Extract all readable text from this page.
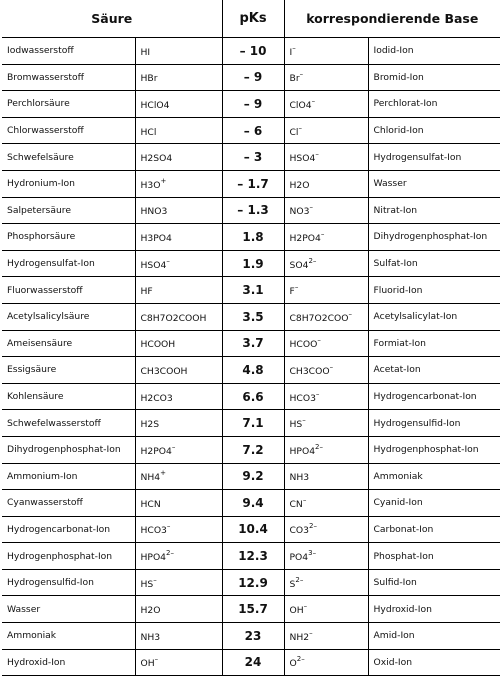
Säure		pKs	korrespondierende Base	
Iodwasserstoff	HI	– 10	I–	Iodid-Ion
Bromwasserstoff	HBr	– 9	Br–	Bromid-Ion
Perchlorsäure	HClO4	– 9	ClO4–	Perchlorat-Ion
Chlorwasserstoff	HCl	– 6	Cl–	Chlorid-Ion
Schwefelsäure	H2SO4	– 3	HSO4–	Hydrogensulfat-Ion
Hydronium-Ion	H3O+	– 1.7	H2O	Wasser
Salpetersäure	HNO3	– 1.3	NO3–	Nitrat-Ion
Phosphorsäure	H3PO4	1.8	H2PO4–	Dihydrogenphosphat-Ion
Hydrogensulfat-Ion	HSO4–	1.9	$SO4^{2-}$	Sulfat-Ion
Fluorwasserstoff	HF	3.1	F–	Fluorid-Ion
Acetylsalicylsäure	C8H7O2COOH	3.5	C8H7O2COO–	Acetylsalicylat-Ion
Ameisensäure	HCOOH	3.7	HCOO–	Formiat-Ion
Essigsäure	CH3COOH	4.8	CH3COO–	Acetat-Ion
Kohlensäure	H2CO3	6.6	HCO3–	Hydrogencarbonat-Ion
Schwefelwasserstoff	H2S	7.1	HS–	Hydrogensulfid-Ion
Dihydrogenphosphat-Ion	H2PO4–	7.2	$HPO4^{2-}$	Hydrogenphosphat-Ion
Ammonium-Ion	NH4+	9.2	NH3	Ammoniak
Cyanwasserstoff	HCN	9.4	CN–	Cyanid-Ion
Hydrogencarbonat-Ion	HCO3–	10.4	$CO3^{2-}$	Carbonat-Ion
Hydrogenphosphat-Ion	$HPO4^{2-}$	12.3	$PO4^{3-}$	Phosphat-Ion
Hydrogensulfid-Ion	HS–	12.9	$S^{2-}$	Sulfid-Ion
Wasser	H2O	15.7	OH–	Hydroxid-Ion
Ammoniak	NH3	23	NH2–	Amid-Ion
Hydroxid-Ion	OH–	24	$O^{2-}$	Oxid-Ion
